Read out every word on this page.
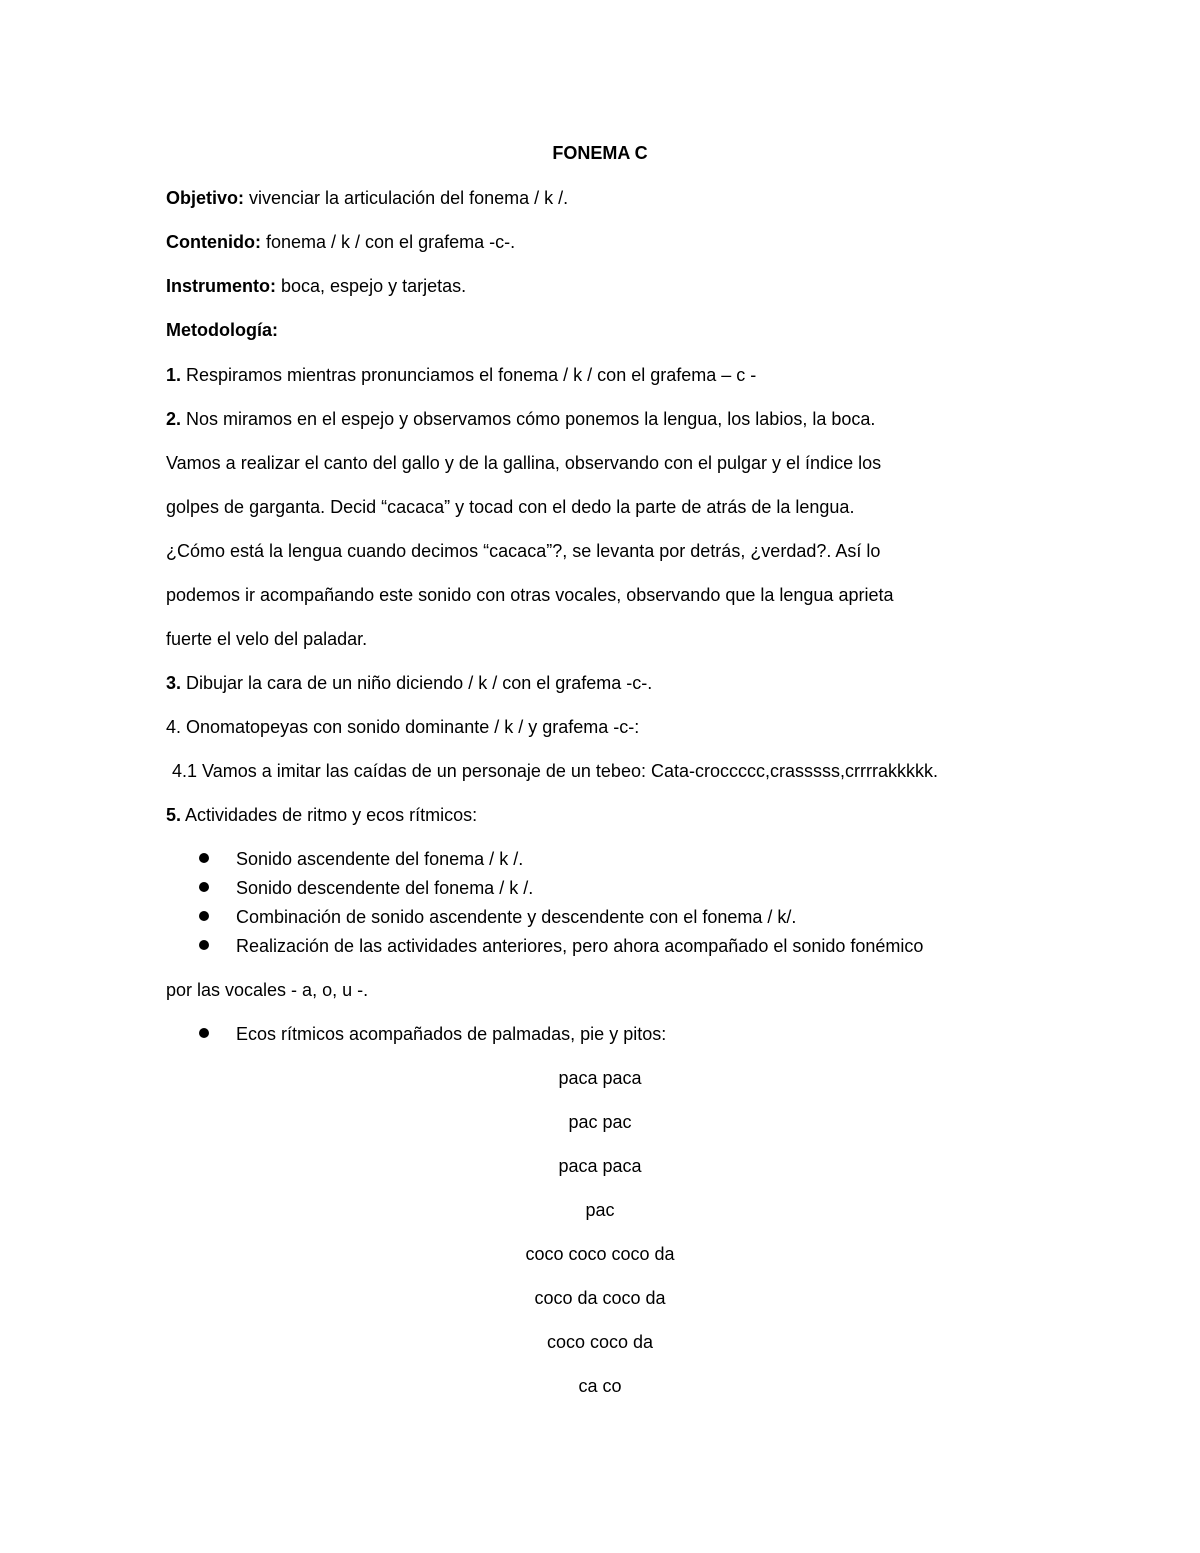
FONEMA C
Objetivo: vivenciar la articulación del fonema / k /.
Contenido: fonema / k / con el grafema -c-.
Instrumento: boca, espejo y tarjetas.
Metodología:
1. Respiramos mientras pronunciamos el fonema / k / con el grafema – c -
2. Nos miramos en el espejo y observamos cómo ponemos la lengua, los labios, la boca.
Vamos a realizar el canto del gallo y de la gallina, observando con el pulgar y el índice los
golpes de garganta. Decid “cacaca” y tocad con el dedo la parte de atrás de la lengua.
¿Cómo está la lengua cuando decimos “cacaca”?, se levanta por detrás, ¿verdad?. Así lo
podemos ir acompañando este sonido con otras vocales, observando que la lengua aprieta
fuerte el velo del paladar.
3. Dibujar la cara de un niño diciendo / k / con el grafema -c-.
4. Onomatopeyas con sonido dominante / k / y grafema -c-:
4.1 Vamos a imitar las caídas de un personaje de un tebeo: Cata-croccccc,crasssss,crrrrakkkkk.
5. Actividades de ritmo y ecos rítmicos:
Sonido ascendente del fonema / k /.
Sonido descendente del fonema / k /.
Combinación de sonido ascendente y descendente con el fonema / k/.
Realización de las actividades anteriores, pero ahora acompañado el sonido fonémico
por las vocales - a, o, u -.
Ecos rítmicos acompañados de palmadas, pie y pitos:
paca paca
pac pac
paca paca
pac
coco coco coco da
coco da coco da
coco coco da
ca co
